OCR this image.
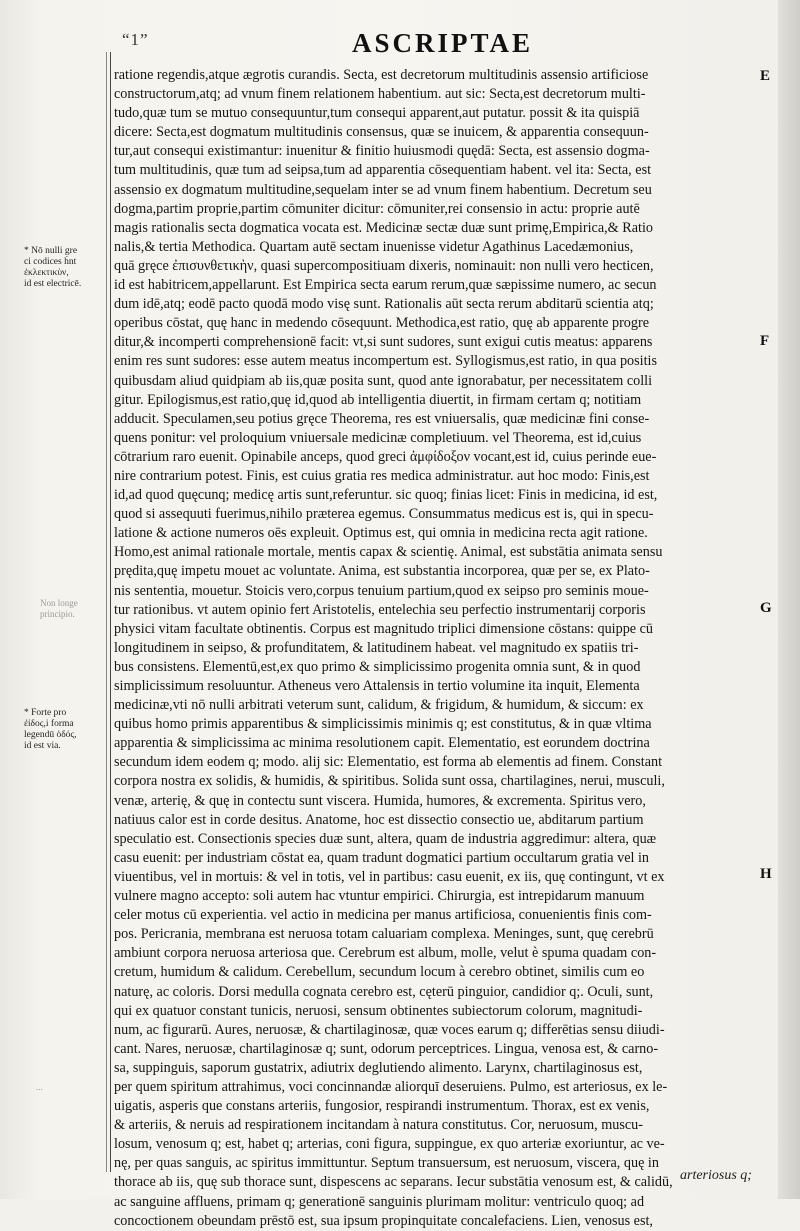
“1”	ASCRIPTAE
ratione regendis,atque ægrotis curandis. Secta, est decretorum multitudinis assensio artificiose
constructorum,atq; ad vnum finem relationem habentium. aut sic: Secta,est decretorum multi-
tudo,quæ tum se mutuo consequuntur,tum consequi apparent,aut putatur. possit & ita quispiā
dicere: Secta,est dogmatum multitudinis consensus, quæ se inuicem, & apparentia consequun-
tur,aut consequi existimantur: inuenitur & finitio huiusmodi quędā: Secta, est assensio dogma-
tum multitudinis, quæ tum ad seipsa,tum ad apparentia cōsequentiam habent. vel ita: Secta, est
assensio ex dogmatum multitudine,sequelam inter se ad vnum finem habentium. Decretum seu
dogma,partim proprie,partim cōmuniter dicitur: cōmuniter,rei consensio in actu: proprie autē
magis rationalis secta dogmatica vocata est. Medicinæ sectæ duæ sunt primę,Empirica,& Ratio
nalis,& tertia Methodica. Quartam autē sectam inuenisse videtur Agathinus Lacedæmonius,
quā gręce ἐπισυνθετικὴν, quasi supercompositiuam dixeris, nominauit: non nulli vero hecticen,
id est habitricem,appellarunt. Est Empirica secta earum rerum,quæ sæpissime numero, ac secun
dum idē,atq; eodē pacto quodā modo visę sunt. Rationalis aūt secta rerum abditarū scientia atq;
operibus cōstat, quę hanc in medendo cōsequunt. Methodica,est ratio, quę ab apparente progre
ditur,& incomperti comprehensionē facit: vt,si sunt sudores, sunt exigui cutis meatus: apparens
enim res sunt sudores: esse autem meatus incompertum est. Syllogismus,est ratio, in qua positis
quibusdam aliud quidpiam ab iis,quæ posita sunt, quod ante ignorabatur, per necessitatem colli
gitur. Epilogismus,est ratio,quę id,quod ab intelligentia diuertit, in firmam certam q; notitiam
adducit. Speculamen,seu potius gręce Theorema, res est vniuersalis, quæ medicinæ fini conse-
quens ponitur: vel proloquium vniuersale medicinæ completiuum. vel Theorema, est id,cuius
cōtrarium raro euenit. Opinabile anceps, quod greci ἀμφίδοξον vocant,est id, cuius perinde eue-
nire contrarium potest. Finis, est cuius gratia res medica administratur. aut hoc modo: Finis,est
id,ad quod quęcunq; medicę artis sunt,referuntur. sic quoq; finias licet: Finis in medicina, id est,
quod si assequuti fuerimus,nihilo præterea egemus. Consummatus medicus est is, qui in specu-
latione & actione numeros oēs expleuit. Optimus est, qui omnia in medicina recta agit ratione.
Homo,est animal rationale mortale, mentis capax & scientię. Animal, est substātia animata sensu
prędita,quę impetu mouet ac voluntate. Anima, est substantia incorporea, quæ per se, ex Plato-
nis sententia, mouetur. Stoicis vero,corpus tenuium partium,quod ex seipso pro seminis moue-
tur rationibus. vt autem opinio fert Aristotelis, entelechia seu perfectio instrumentarij corporis
physici vitam facultate obtinentis. Corpus est magnitudo triplici dimensione cōstans: quippe cū
longitudinem in seipso, & profunditatem, & latitudinem habeat. vel magnitudo ex spatiis tri-
bus consistens. Elementū,est,ex quo primo & simplicissimo progenita omnia sunt, & in quod
simplicissimum resoluuntur. Atheneus vero Attalensis in tertio volumine ita inquit, Elementa
medicinæ,vti nō nulli arbitrati veterum sunt, calidum, & frigidum, & humidum, & siccum: ex
quibus homo primis apparentibus & simplicissimis minimis q; est constitutus, & in quæ vltima
apparentia & simplicissima ac minima resolutionem capit. Elementatio, est eorundem doctrina
secundum idem eodem q; modo. alij sic: Elementatio, est forma ab elementis ad finem. Constant
corpora nostra ex solidis, & humidis, & spiritibus. Solida sunt ossa, chartilagines, nerui, musculi,
venæ, arterię, & quę in contectu sunt viscera. Humida, humores, & excrementa. Spiritus vero,
natiuus calor est in corde desitus. Anatome, hoc est dissectio consectio ue, abditarum partium
speculatio est. Consectionis species duæ sunt, altera, quam de industria aggredimur: altera, quæ
casu euenit: per industriam cōstat ea, quam tradunt dogmatici partium occultarum gratia vel in
viuentibus, vel in mortuis: & vel in totis, vel in partibus: casu euenit, ex iis, quę contingunt, vt ex
vulnere magno accepto: soli autem hac vtuntur empirici. Chirurgia, est intrepidarum manuum
celer motus cū experientia. vel actio in medicina per manus artificiosa, conuenientis finis com-
pos. Pericrania, membrana est neruosa totam caluariam complexa. Meninges, sunt, quę cerebrū
ambiunt corpora neruosa arteriosa que. Cerebrum est album, molle, velut è spuma quadam con-
cretum, humidum & calidum. Cerebellum, secundum locum à cerebro obtinet, similis cum eo
naturę, ac coloris. Dorsi medulla cognata cerebro est, cęterū pinguior, candidior q;. Oculi, sunt,
qui ex quatuor constant tunicis, neruosi, sensum obtinentes subiectorum colorum, magnitudi-
num, ac figurarū. Aures, neruosæ, & chartilaginosæ, quæ voces earum q; differētias sensu diiudi-
cant. Nares, neruosæ, chartilaginosæ q; sunt, odorum perceptrices. Lingua, venosa est, & carno-
sa, suppinguis, saporum gustatrix, adiutrix deglutiendo alimento. Larynx, chartilaginosus est,
per quem spiritum attrahimus, voci concinnandæ aliorquī deseruiens. Pulmo, est arteriosus, ex le-
uigatis, asperis que constans arteriis, fungosior, respirandi instrumentum. Thorax, est ex venis,
& arteriis, & neruis ad respirationem incitandam à natura constitutus. Cor, neruosum, muscu-
losum, venosum q; est, habet q; arterias, coni figura, suppingue, ex quo arteriæ exoriuntur, ac ve-
nę, per quas sanguis, ac spiritus immittuntur. Septum transuersum, est neruosum, viscera, quę in
thorace ab iis, quę sub thorace sunt, dispescens ac separans. Iecur substātia venosum est, & calidū,
ac sanguine affluens, primam q; generationē sanguinis plurimam molitur: ventriculo quoq; ad
concoctionem obeundam prēstō est, sua ipsum propinquitate concalefaciens. Lien, venosus est,
* Nō nulli gre
ci codices ḣnt
ἐκλεκτικὺν,
id est electricē.
Non longe
principio.
* Forte pro
ἐίδος,i forma
legendū ὁδός,
id est via.
...
E
F
G
H
arteriosus q;
